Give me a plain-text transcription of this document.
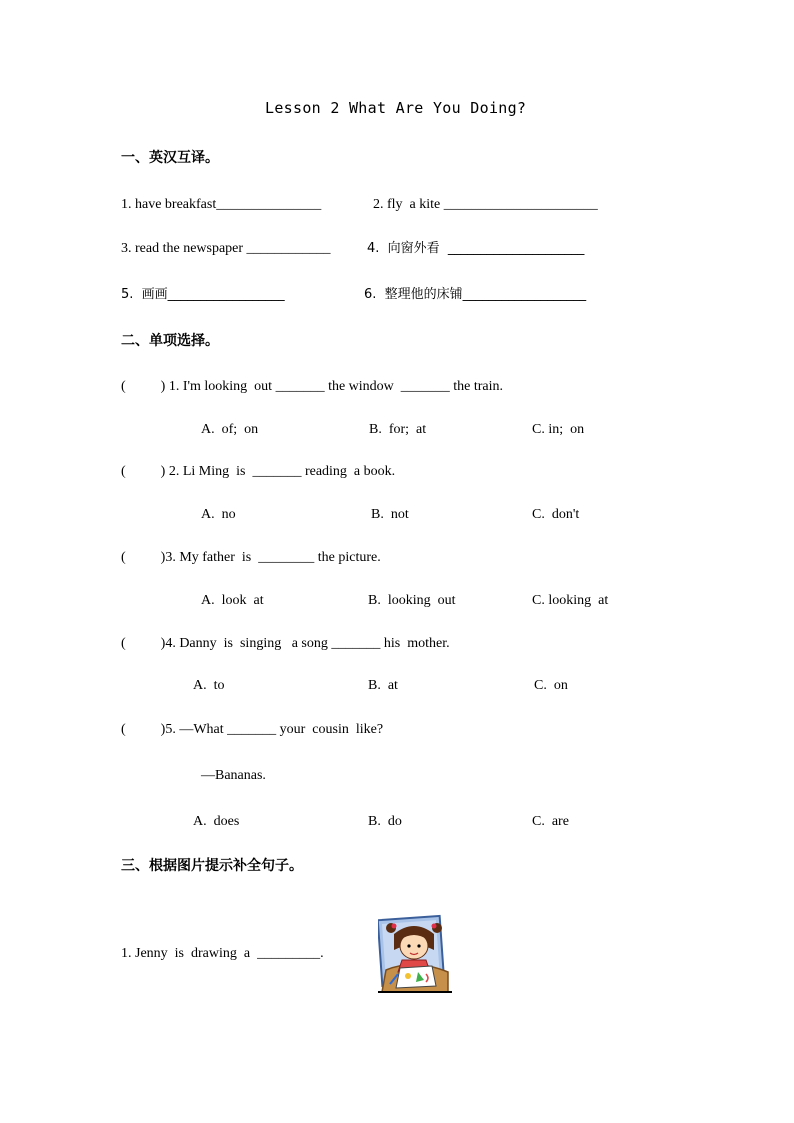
Lesson 2 What Are You Doing?
一、英汉互译。
1. have breakfast_______________	2. fly  a kite ______________________
3. read the newspaper ____________	4.  向窗外看  _____________________
5.  画画__________________	6.  整理他的床铺___________________
二、单项选择。
(          ) 1. I'm looking  out _______ the window  _______ the train.
A.  of;  on	B.  for;  at	C. in;  on
(          ) 2. Li Ming  is  _______ reading  a book.
A.  no	B.  not	C.  don't
(          )3. My father  is  ________ the picture.
A.  look  at	B.  looking  out	C. looking  at
(          )4. Danny  is  singing   a song _______ his  mother.
A.  to	B.  at	C.  on
(          )5. —What _______ your  cousin  like?
—Bananas.
A.  does	B.  do	C.  are
三、根据图片提示补全句子。
1. Jenny  is  drawing  a  _________.
